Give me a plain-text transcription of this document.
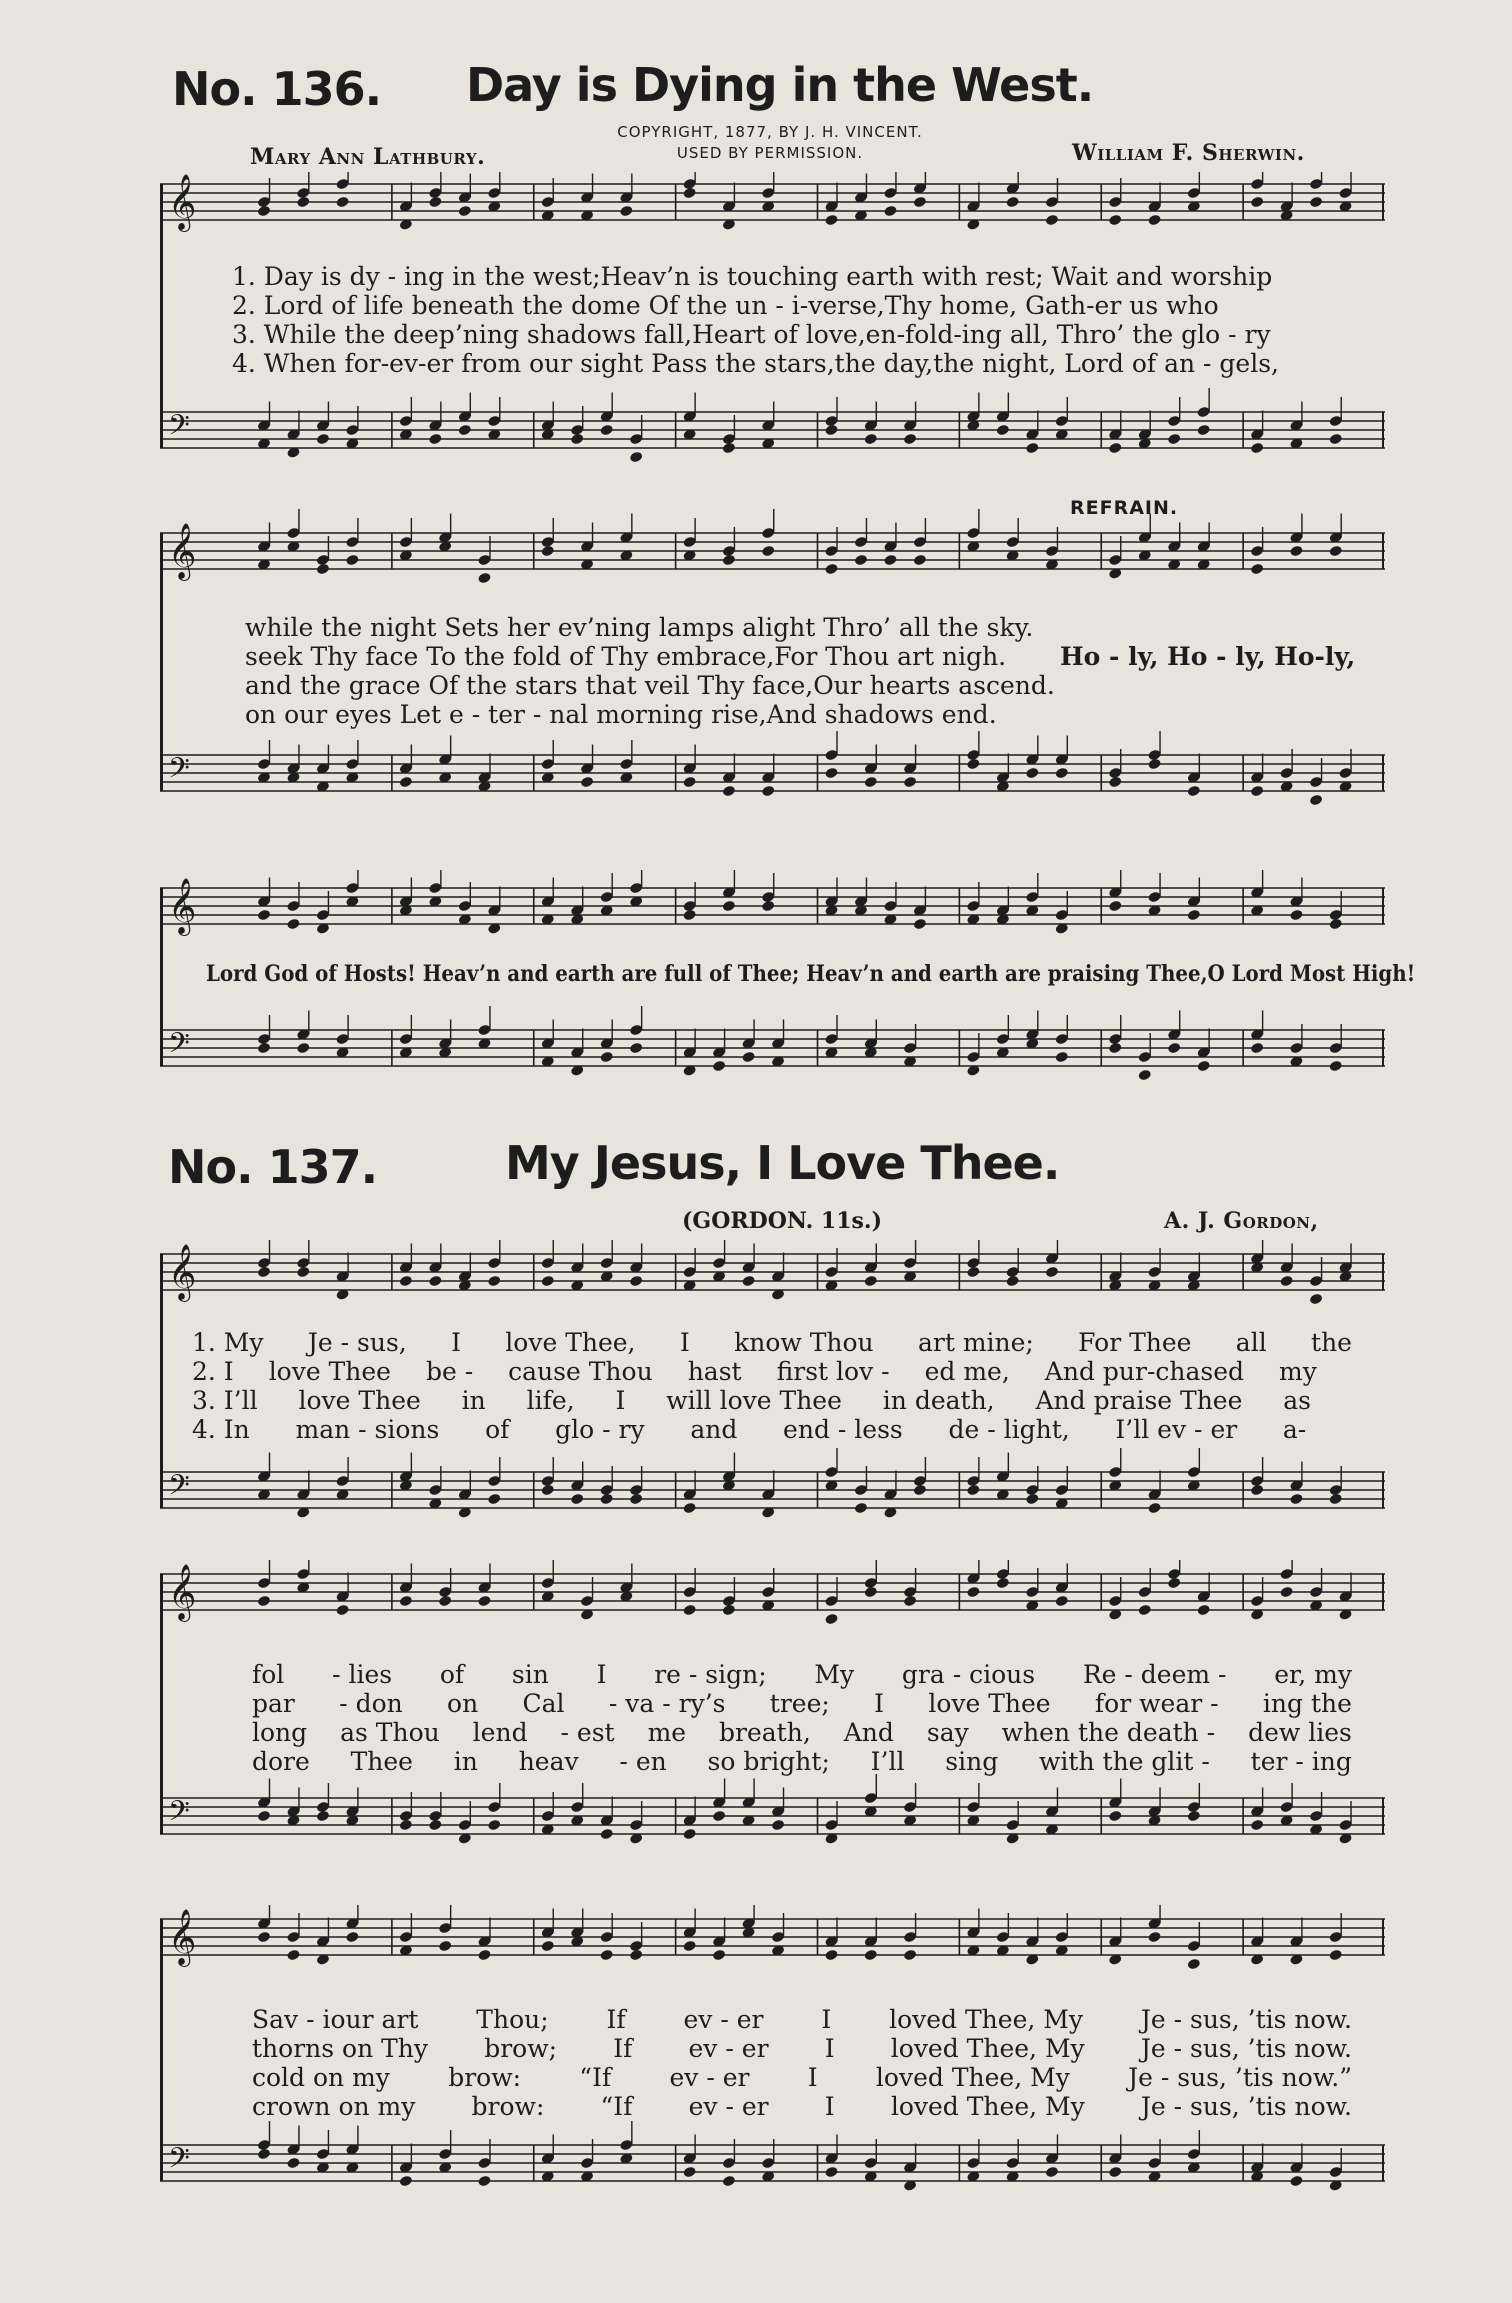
No. 136. Day is Dying in the West.
COPYRIGHT, 1877, BY J. H. VINCENT.
USED BY PERMISSION.
Mary Ann Lathbury.	William F. Sherwin.
𝄞
𝄢
1. Day is dy - ing in the west;Heav’n is touching earth with rest; Wait and worship
2. Lord of life beneath the dome Of the un - i-verse,Thy home, Gath-er us who
3. While the deep’ning shadows fall,Heart of love,en-fold-ing all, Thro’ the glo - ry
4. When for-ev-er from our sight Pass the stars,the day,the night, Lord of an - gels,
𝄞
𝄢
REFRAIN.
while the night Sets her ev’ning lamps alight Thro’ all the sky.
seek Thy face To the fold of Thy embrace,For Thou art nigh.
and the grace Of the stars that veil Thy face,Our hearts ascend.
on our eyes Let e - ter - nal morning rise,And shadows end.
Ho - ly, Ho - ly, Ho-ly,
𝄞
𝄢
Lord God of Hosts! Heav’n and earth are full of Thee; Heav’n and earth are praising Thee,O Lord Most High!
No. 137.	My Jesus, I Love Thee.
(GORDON. 11s.)	A. J. Gordon,
𝄞
𝄢
1. My Je - sus, I love Thee, I know Thou art mine; For Thee all the
2. I love Thee be - cause Thou hast first lov - ed me, And pur-chased my
3. I’ll love Thee in life, I will love Thee in death, And praise Thee as
4. In man - sions of glo - ry and end - less de - light, I’ll ev - er a-
𝄞
𝄢
fol - lies of sin I re - sign; My gra - cious Re - deem - er, my
par - don on Cal - va - ry’s tree; I love Thee for wear - ing the
long as Thou lend - est me breath, And say when the death - dew lies
dore Thee in heav - en so bright; I’ll sing with the glit - ter - ing
𝄞
𝄢
Sav - iour art Thou; If ev - er I loved Thee, My Je - sus, ’tis now.
thorns on Thy brow; If ev - er I loved Thee, My Je - sus, ’tis now.
cold on my brow: “If ev - er I loved Thee, My Je - sus, ’tis now.”
crown on my brow: “If ev - er I loved Thee, My Je - sus, ’tis now.
